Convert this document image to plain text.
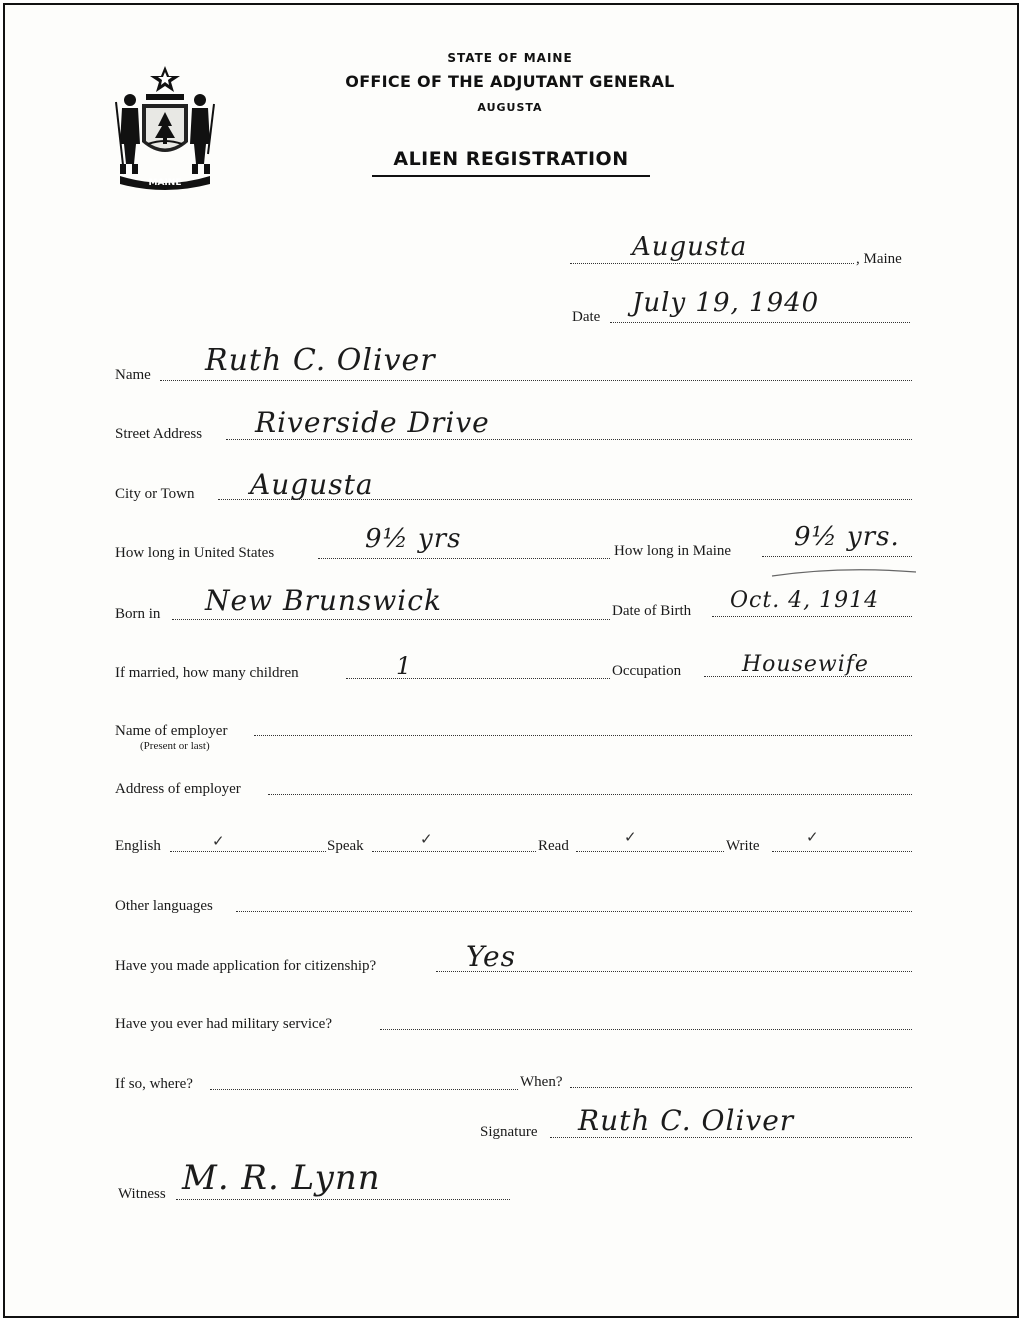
MAINE
STATE OF MAINE
OFFICE OF THE ADJUTANT GENERAL
AUGUSTA
ALIEN REGISTRATION
Augusta	, Maine
Date July 19, 1940
Name Ruth C. Oliver
Street Address Riverside Drive
City or Town Augusta
How long in United States	9½ yrs	How long in Maine 9½ yrs.
Born in New Brunswick	Date of Birth Oct. 4, 1914
If married, how many children	1	Occupation	Housewife
Name of employer
(Present or last)
Address of employer
English	✓	Speak	✓	Read	✓	Write	✓
Other languages
Have you made application for citizenship?	Yes
Have you ever had military service?
If so, where?	When?
Signature Ruth C. Oliver
Witness M. R. Lynn
